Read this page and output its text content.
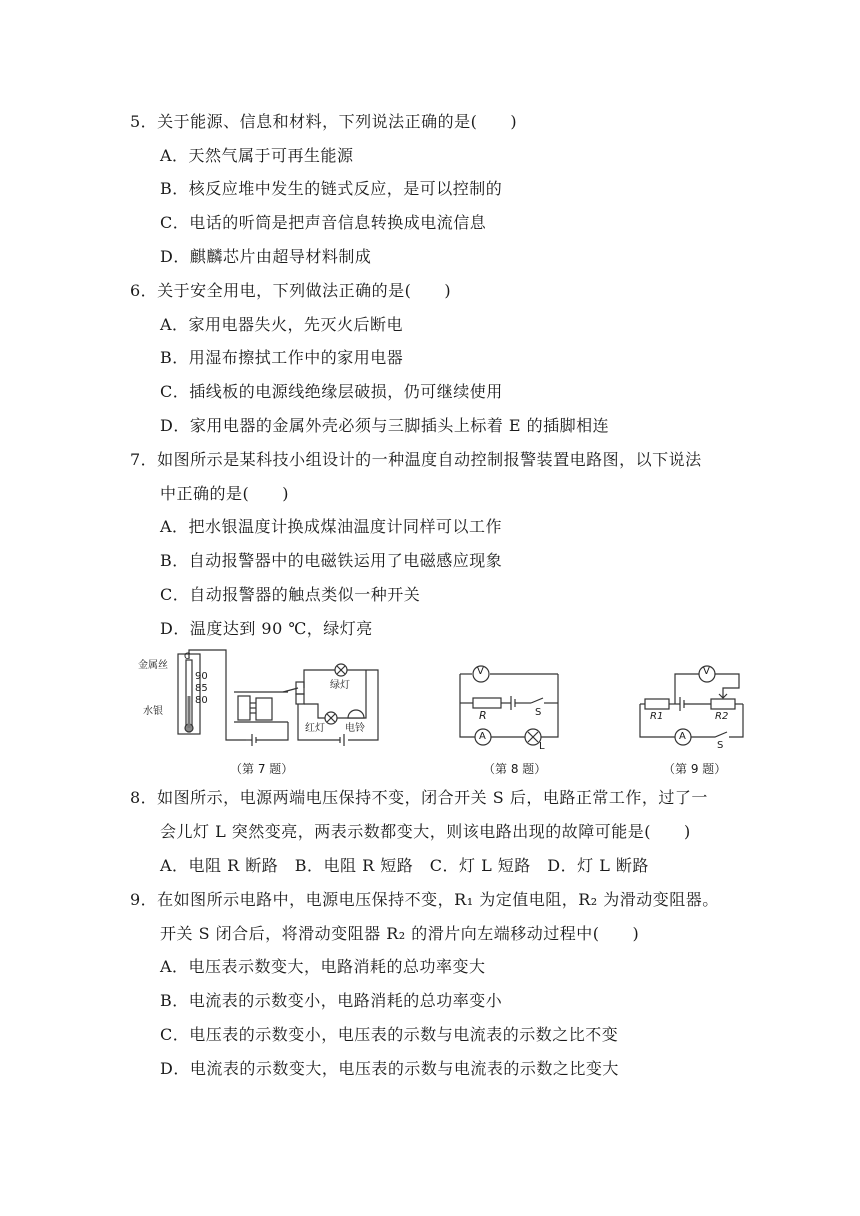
5．关于能源、信息和材料，下列说法正确的是(　　)
A．天然气属于可再生能源
B．核反应堆中发生的链式反应，是可以控制的
C．电话的听筒是把声音信息转换成电流信息
D．麒麟芯片由超导材料制成
6．关于安全用电，下列做法正确的是(　　)
A．家用电器失火，先灭火后断电
B．用湿布擦拭工作中的家用电器
C．插线板的电源线绝缘层破损，仍可继续使用
D．家用电器的金属外壳必须与三脚插头上标着 E 的插脚相连
7．如图所示是某科技小组设计的一种温度自动控制报警装置电路图，以下说法
中正确的是(　　)
A．把水银温度计换成煤油温度计同样可以工作
B．自动报警器中的电磁铁运用了电磁感应现象
C．自动报警器的触点类似一种开关
D．温度达到 90 ℃，绿灯亮
金属丝
水银
C
90
85
80
绿灯
红灯 电铃
（第 7 题）
V
R	S
A
L
（第 8 题）
V
R1	R2
A
S
（第 9 题）
8．如图所示，电源两端电压保持不变，闭合开关 S 后，电路正常工作，过了一
会儿灯 L 突然变亮，两表示数都变大，则该电路出现的故障可能是(　　)
A．电阻 R 断路　B．电阻 R 短路　C．灯 L 短路　D．灯 L 断路
9．在如图所示电路中，电源电压保持不变，R₁ 为定值电阻，R₂ 为滑动变阻器。
开关 S 闭合后，将滑动变阻器 R₂ 的滑片向左端移动过程中(　　)
A．电压表示数变大，电路消耗的总功率变大
B．电流表的示数变小，电路消耗的总功率变小
C．电压表的示数变小，电压表的示数与电流表的示数之比不变
D．电流表的示数变大，电压表的示数与电流表的示数之比变大
